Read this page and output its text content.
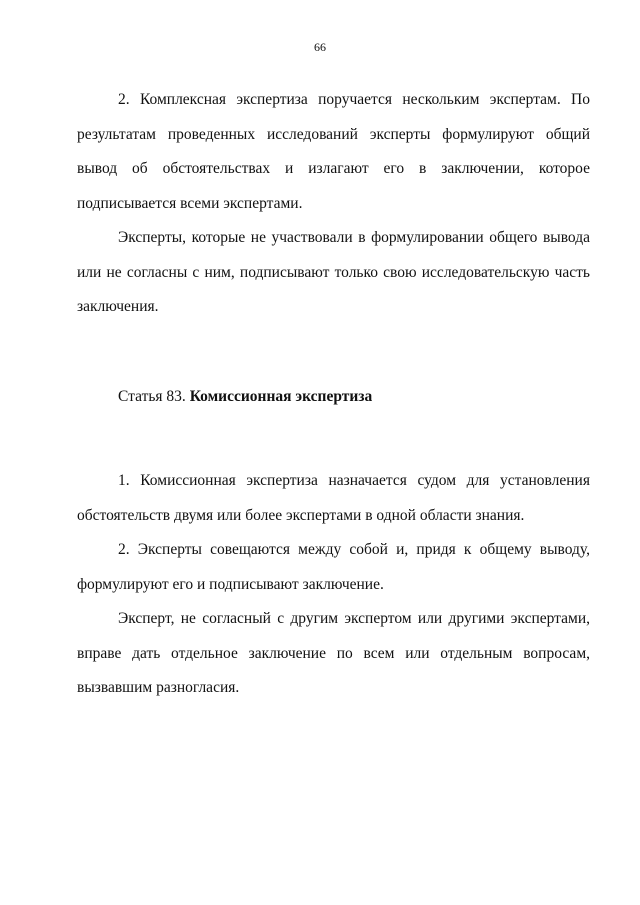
66

2. Комплексная экспертиза поручается нескольким экспертам. По результатам проведенных исследований эксперты формулируют общий вывод об обстоятельствах и излагают его в заключении, которое подписывается всеми экспертами.

Эксперты, которые не участвовали в формулировании общего вывода или не согласны с ним, подписывают только свою исследовательскую часть заключения.

Статья 83. Комиссионная экспертиза

1. Комиссионная экспертиза назначается судом для установления обстоятельств двумя или более экспертами в одной области знания.

2. Эксперты совещаются между собой и, придя к общему выводу, формулируют его и подписывают заключение.

Эксперт, не согласный с другим экспертом или другими экспертами, вправе дать отдельное заключение по всем или отдельным вопросам, вызвавшим разногласия.
